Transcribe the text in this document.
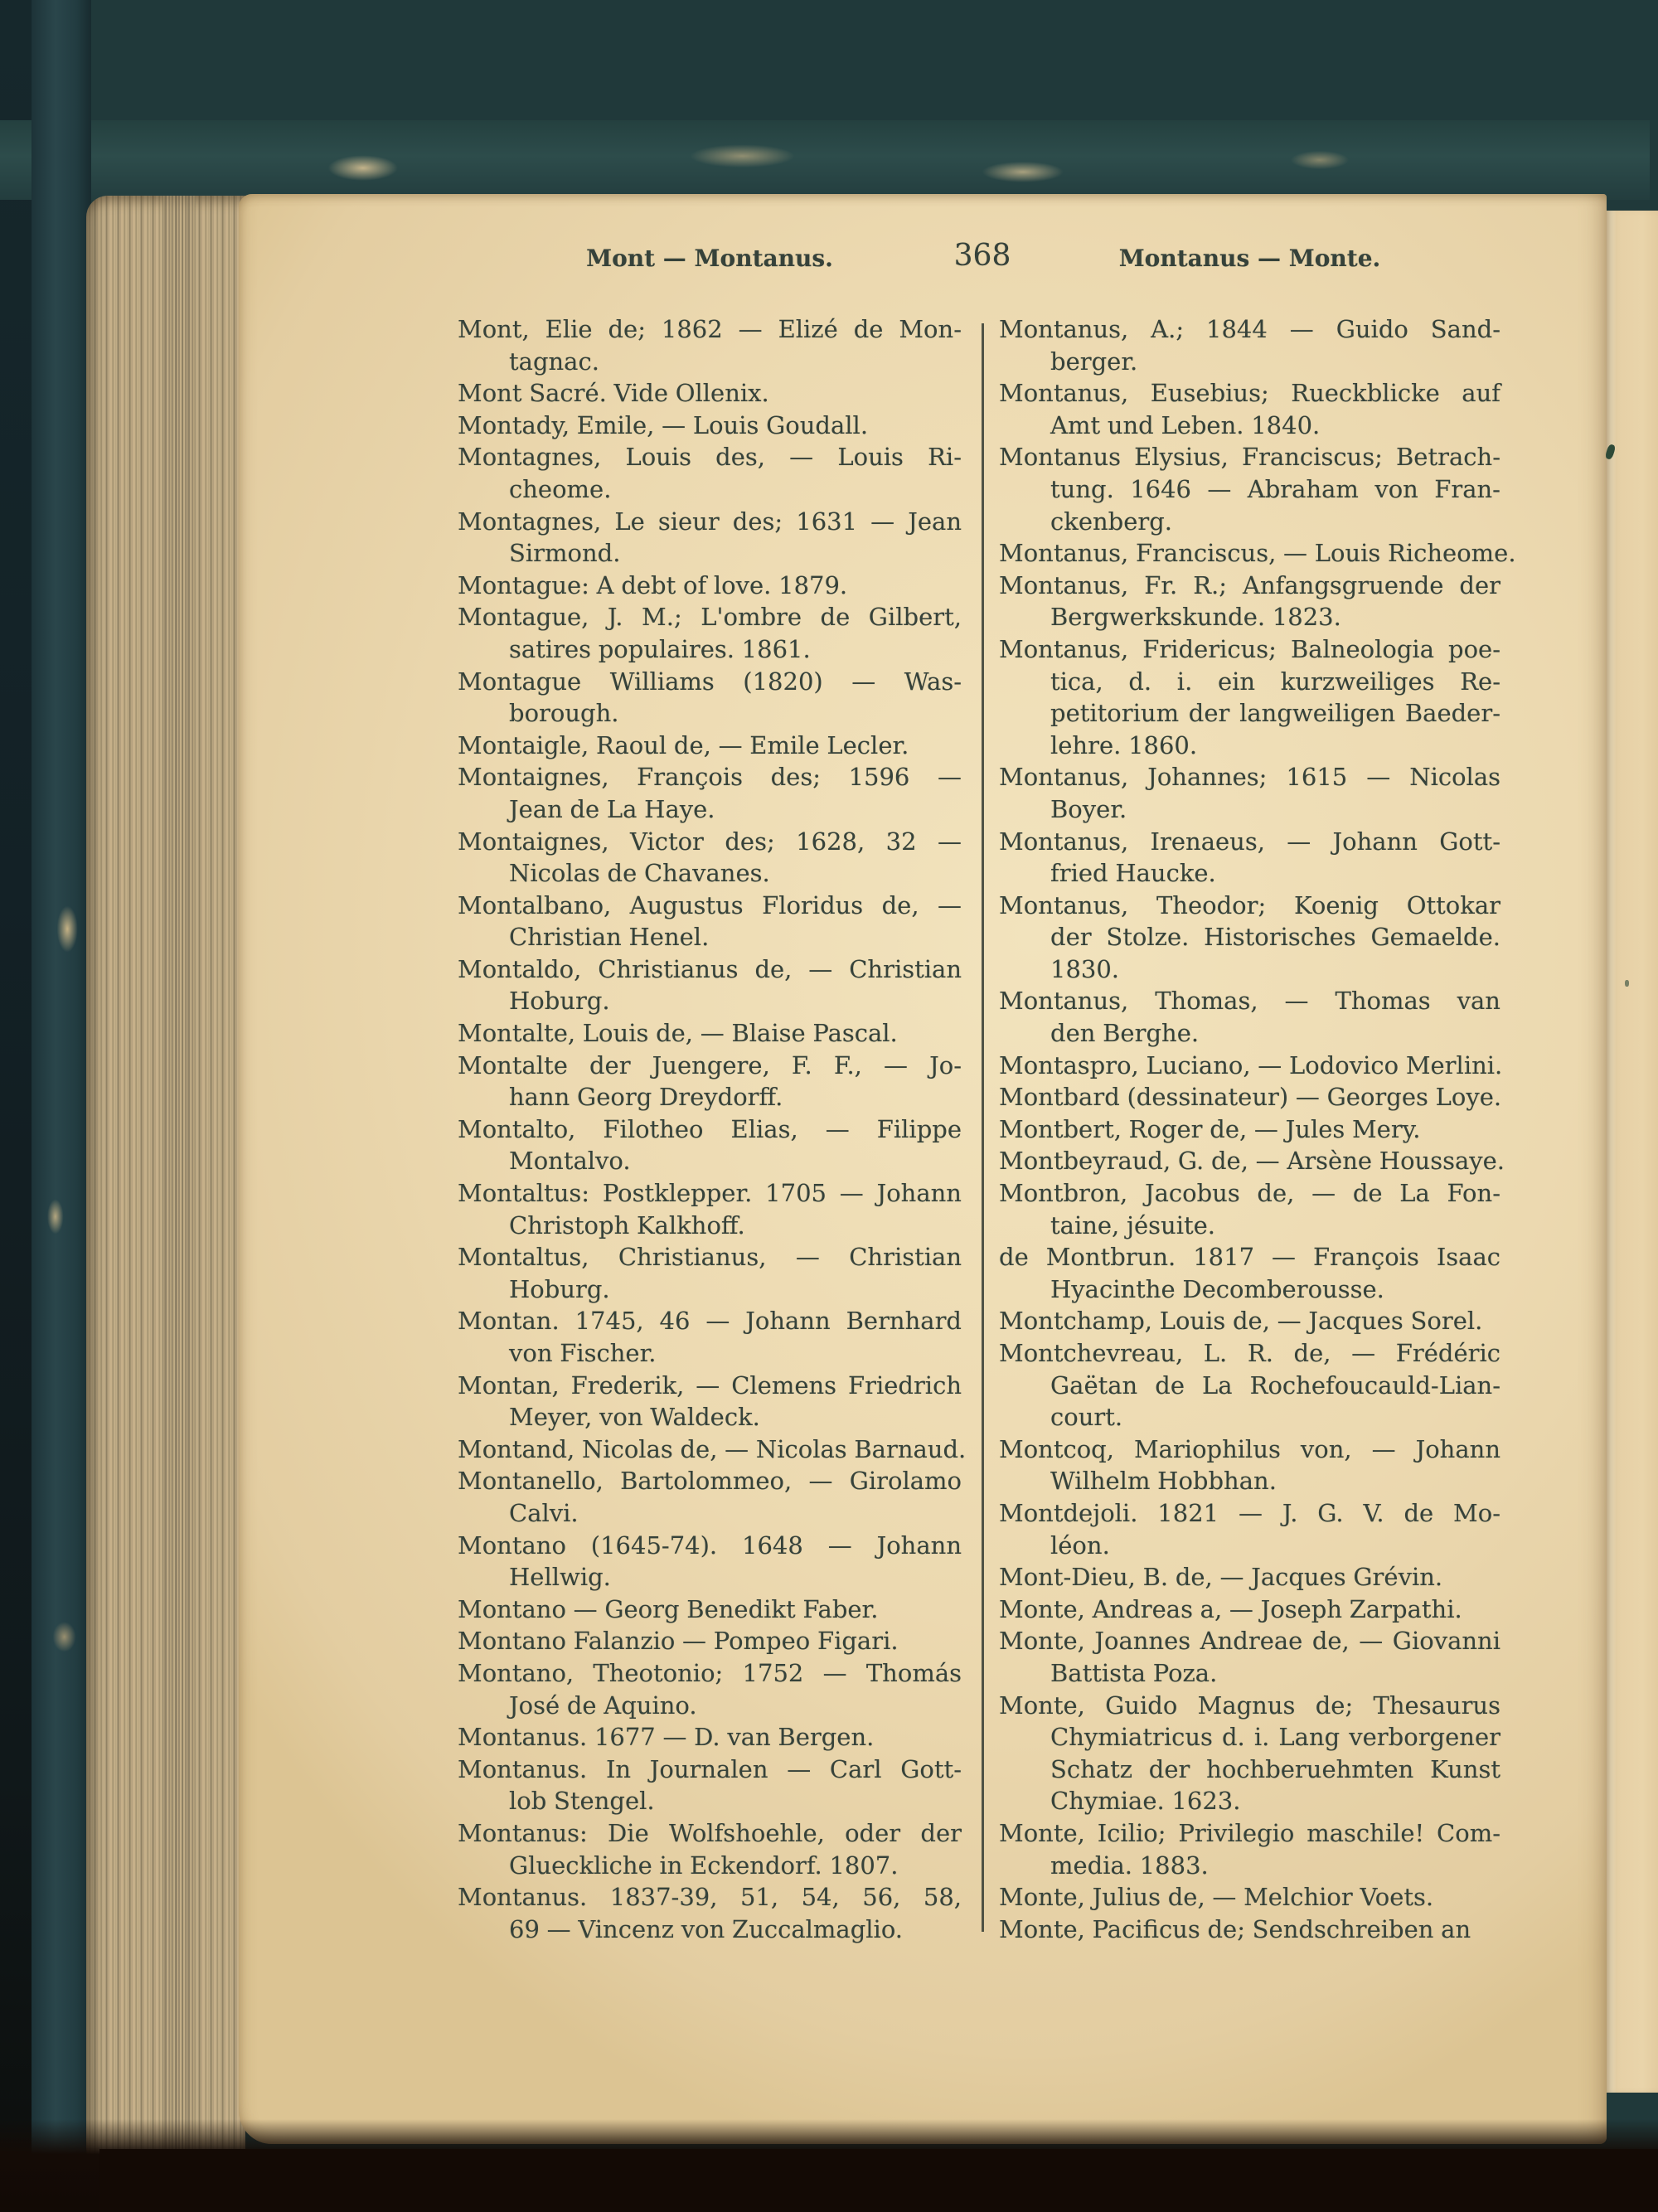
Mont — Montanus.	368	Montanus — Monte.
Mont, Elie de; 1862 — Elizé de Mon-
tagnac.
Mont Sacré. Vide Ollenix.
Montady, Emile, — Louis Goudall.
Montagnes, Louis des, — Louis Ri-
cheome.
Montagnes, Le sieur des; 1631 — Jean
Sirmond.
Montague: A debt of love. 1879.
Montague, J. M.; L'ombre de Gilbert,
satires populaires. 1861.
Montague Williams (1820) — Was-
borough.
Montaigle, Raoul de, — Emile Lecler.
Montaignes, François des; 1596 —
Jean de La Haye.
Montaignes, Victor des; 1628, 32 —
Nicolas de Chavanes.
Montalbano, Augustus Floridus de, —
Christian Henel.
Montaldo, Christianus de, — Christian
Hoburg.
Montalte, Louis de, — Blaise Pascal.
Montalte der Juengere, F. F., — Jo-
hann Georg Dreydorff.
Montalto, Filotheo Elias, — Filippe
Montalvo.
Montaltus: Postklepper. 1705 — Johann
Christoph Kalkhoff.
Montaltus, Christianus, — Christian
Hoburg.
Montan. 1745, 46 — Johann Bernhard
von Fischer.
Montan, Frederik, — Clemens Friedrich
Meyer, von Waldeck.
Montand, Nicolas de, — Nicolas Barnaud.
Montanello, Bartolommeo, — Girolamo
Calvi.
Montano (1645-74). 1648 — Johann
Hellwig.
Montano — Georg Benedikt Faber.
Montano Falanzio — Pompeo Figari.
Montano, Theotonio; 1752 — Thomás
José de Aquino.
Montanus. 1677 — D. van Bergen.
Montanus. In Journalen — Carl Gott-
lob Stengel.
Montanus: Die Wolfshoehle, oder der
Glueckliche in Eckendorf. 1807.
Montanus. 1837-39, 51, 54, 56, 58,
69 — Vincenz von Zuccalmaglio.
Montanus, A.; 1844 — Guido Sand-
berger.
Montanus, Eusebius; Rueckblicke auf
Amt und Leben. 1840.
Montanus Elysius, Franciscus; Betrach-
tung. 1646 — Abraham von Fran-
ckenberg.
Montanus, Franciscus, — Louis Richeome.
Montanus, Fr. R.; Anfangsgruende der
Bergwerkskunde. 1823.
Montanus, Fridericus; Balneologia poe-
tica, d. i. ein kurzweiliges Re-
petitorium der langweiligen Baeder-
lehre. 1860.
Montanus, Johannes; 1615 — Nicolas
Boyer.
Montanus, Irenaeus, — Johann Gott-
fried Haucke.
Montanus, Theodor; Koenig Ottokar
der Stolze. Historisches Gemaelde.
1830.
Montanus, Thomas, — Thomas van
den Berghe.
Montaspro, Luciano, — Lodovico Merlini.
Montbard (dessinateur) — Georges Loye.
Montbert, Roger de, — Jules Mery.
Montbeyraud, G. de, — Arsène Houssaye.
Montbron, Jacobus de, — de La Fon-
taine, jésuite.
de Montbrun. 1817 — François Isaac
Hyacinthe Decomberousse.
Montchamp, Louis de, — Jacques Sorel.
Montchevreau, L. R. de, — Frédéric
Gaëtan de La Rochefoucauld-Lian-
court.
Montcoq, Mariophilus von, — Johann
Wilhelm Hobbhan.
Montdejoli. 1821 — J. G. V. de Mo-
léon.
Mont-Dieu, B. de, — Jacques Grévin.
Monte, Andreas a, — Joseph Zarpathi.
Monte, Joannes Andreae de, — Giovanni
Battista Poza.
Monte, Guido Magnus de; Thesaurus
Chymiatricus d. i. Lang verborgener
Schatz der hochberuehmten Kunst
Chymiae. 1623.
Monte, Icilio; Privilegio maschile! Com-
media. 1883.
Monte, Julius de, — Melchior Voets.
Monte, Pacificus de; Sendschreiben an
